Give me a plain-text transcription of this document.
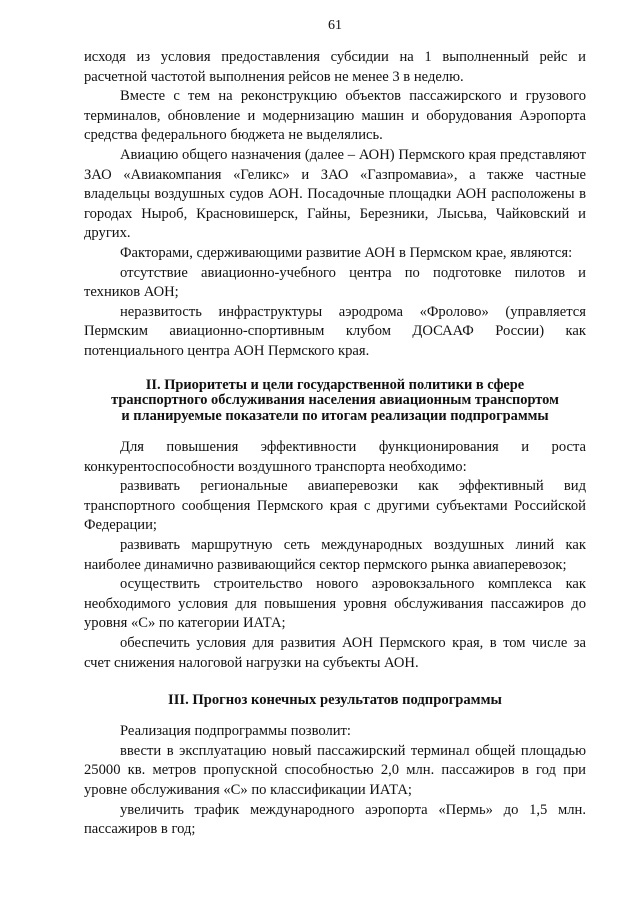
61

исходя из условия предоставления субсидии на 1 выполненный рейс и расчетной частотой выполнения рейсов не менее 3 в неделю.

Вместе с тем на реконструкцию объектов пассажирского и грузового терминалов, обновление и модернизацию машин и оборудования Аэропорта средства федерального бюджета не выделялись.

Авиацию общего назначения (далее – АОН) Пермского края представляют ЗАО «Авиакомпания «Геликс» и ЗАО «Газпромавиа», а также частные владельцы воздушных судов АОН. Посадочные площадки АОН расположены в городах Ныроб, Красновишерск, Гайны, Березники, Лысьва, Чайковский и других.

Факторами, сдерживающими развитие АОН в Пермском крае, являются:

отсутствие авиационно-учебного центра по подготовке пилотов и техников АОН;

неразвитость инфраструктуры аэродрома «Фролово» (управляется Пермским авиационно-спортивным клубом ДОСААФ России) как потенциального центра АОН Пермского края.

II. Приоритеты и цели государственной политики в сфере
транспортного обслуживания населения авиационным транспортом
и планируемые показатели по итогам реализации подпрограммы

Для повышения эффективности функционирования и роста конкурентоспособности воздушного транспорта необходимо:

развивать региональные авиаперевозки как эффективный вид транспортного сообщения Пермского края с другими субъектами Российской Федерации;

развивать маршрутную сеть международных воздушных линий как наиболее динамично развивающийся сектор пермского рынка авиаперевозок;

осуществить строительство нового аэровокзального комплекса как необходимого условия для повышения уровня обслуживания пассажиров до уровня «С» по категории ИАТА;

обеспечить условия для развития АОН Пермского края, в том числе за счет снижения налоговой нагрузки на субъекты АОН.

III. Прогноз конечных результатов подпрограммы

Реализация подпрограммы позволит:

ввести в эксплуатацию новый пассажирский терминал общей площадью 25000 кв. метров пропускной способностью 2,0 млн. пассажиров в год при уровне обслуживания «С» по классификации ИАТА;

увеличить трафик международного аэропорта «Пермь» до 1,5 млн. пассажиров в год;
